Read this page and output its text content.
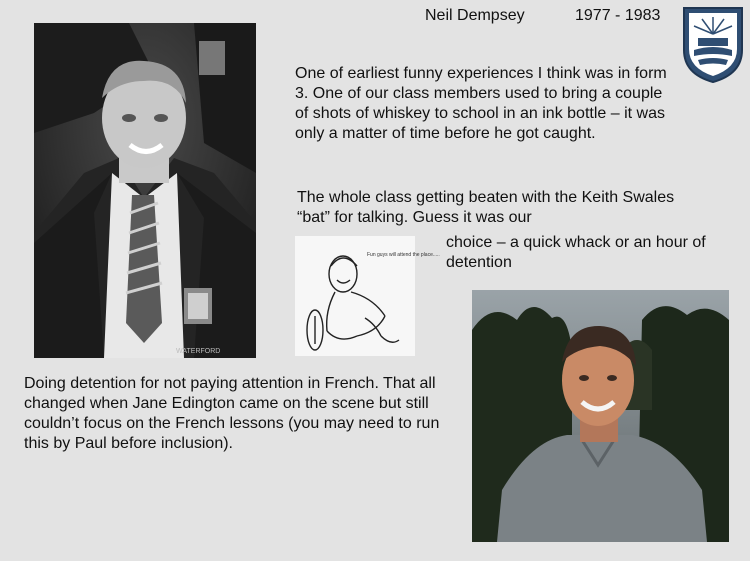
Neil Dempsey	1977 - 1983
WATERFORD
Fun guys will attend the place.....
One of earliest funny experiences I think was in form 3. One of our class members used to bring a couple of shots of whiskey to school in an ink bottle – it was only a matter of time before he got caught.
The whole class getting beaten with the Keith Swales “bat” for talking. Guess it was our
choice – a quick whack or an hour of detention
Doing detention for not paying attention in French. That all changed when Jane Edington came on the scene but still couldn’t focus on the French lessons (you may need to run this by Paul before inclusion).
